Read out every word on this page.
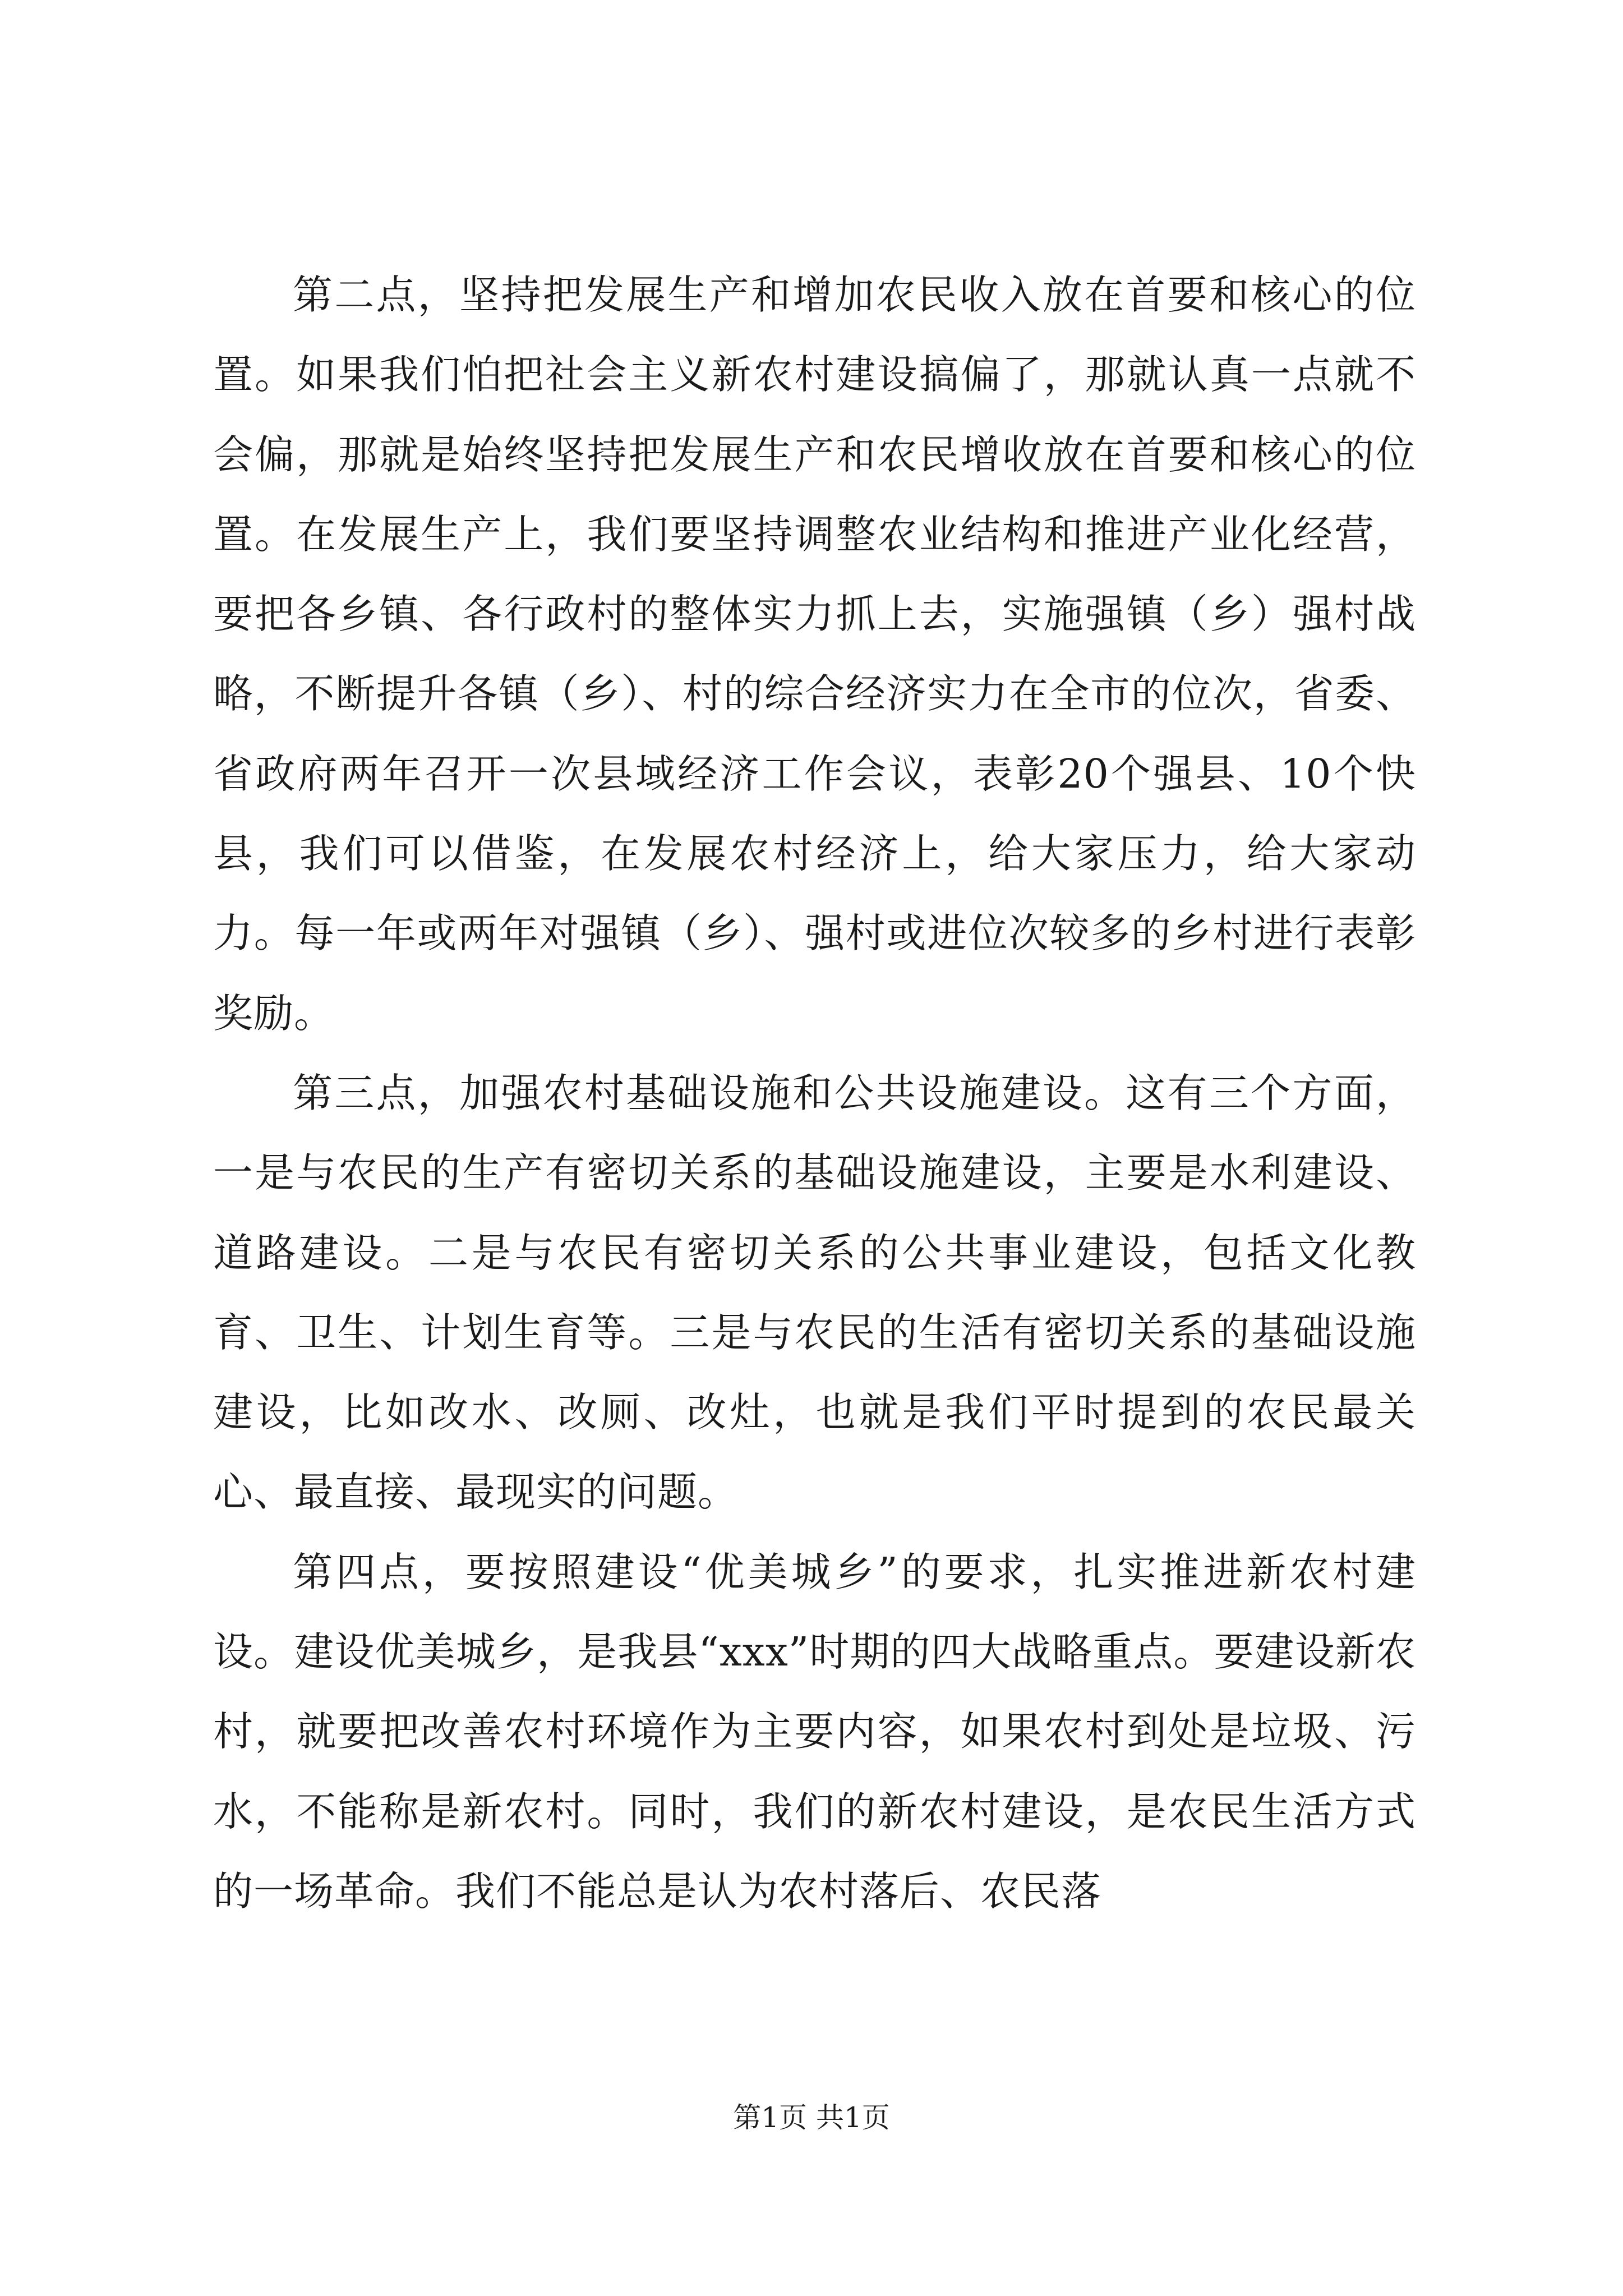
第二点，坚持把发展生产和增加农民收入放在首要和核心的位置。如果我们怕把社会主义新农村建设搞偏了，那就认真一点就不会偏，那就是始终坚持把发展生产和农民增收放在首要和核心的位置。在发展生产上，我们要坚持调整农业结构和推进产业化经营，要把各乡镇、各行政村的整体实力抓上去，实施强镇（乡）强村战略，不断提升各镇（乡）、村的综合经济实力在全市的位次，省委、省政府两年召开一次县域经济工作会议，表彰20个强县、10个快县，我们可以借鉴，在发展农村经济上，给大家压力，给大家动力。每一年或两年对强镇（乡）、强村或进位次较多的乡村进行表彰奖励。

第三点，加强农村基础设施和公共设施建设。这有三个方面，一是与农民的生产有密切关系的基础设施建设，主要是水利建设、道路建设。二是与农民有密切关系的公共事业建设，包括文化教育、卫生、计划生育等。三是与农民的生活有密切关系的基础设施建设，比如改水、改厕、改灶，也就是我们平时提到的农民最关心、最直接、最现实的问题。

第四点，要按照建设“优美城乡”的要求，扎实推进新农村建设。建设优美城乡，是我县“xxx”时期的四大战略重点。要建设新农村，就要把改善农村环境作为主要内容，如果农村到处是垃圾、污水，不能称是新农村。同时，我们的新农村建设，是农民生活方式的一场革命。我们不能总是认为农村落后、农民落

第1页 共1页
